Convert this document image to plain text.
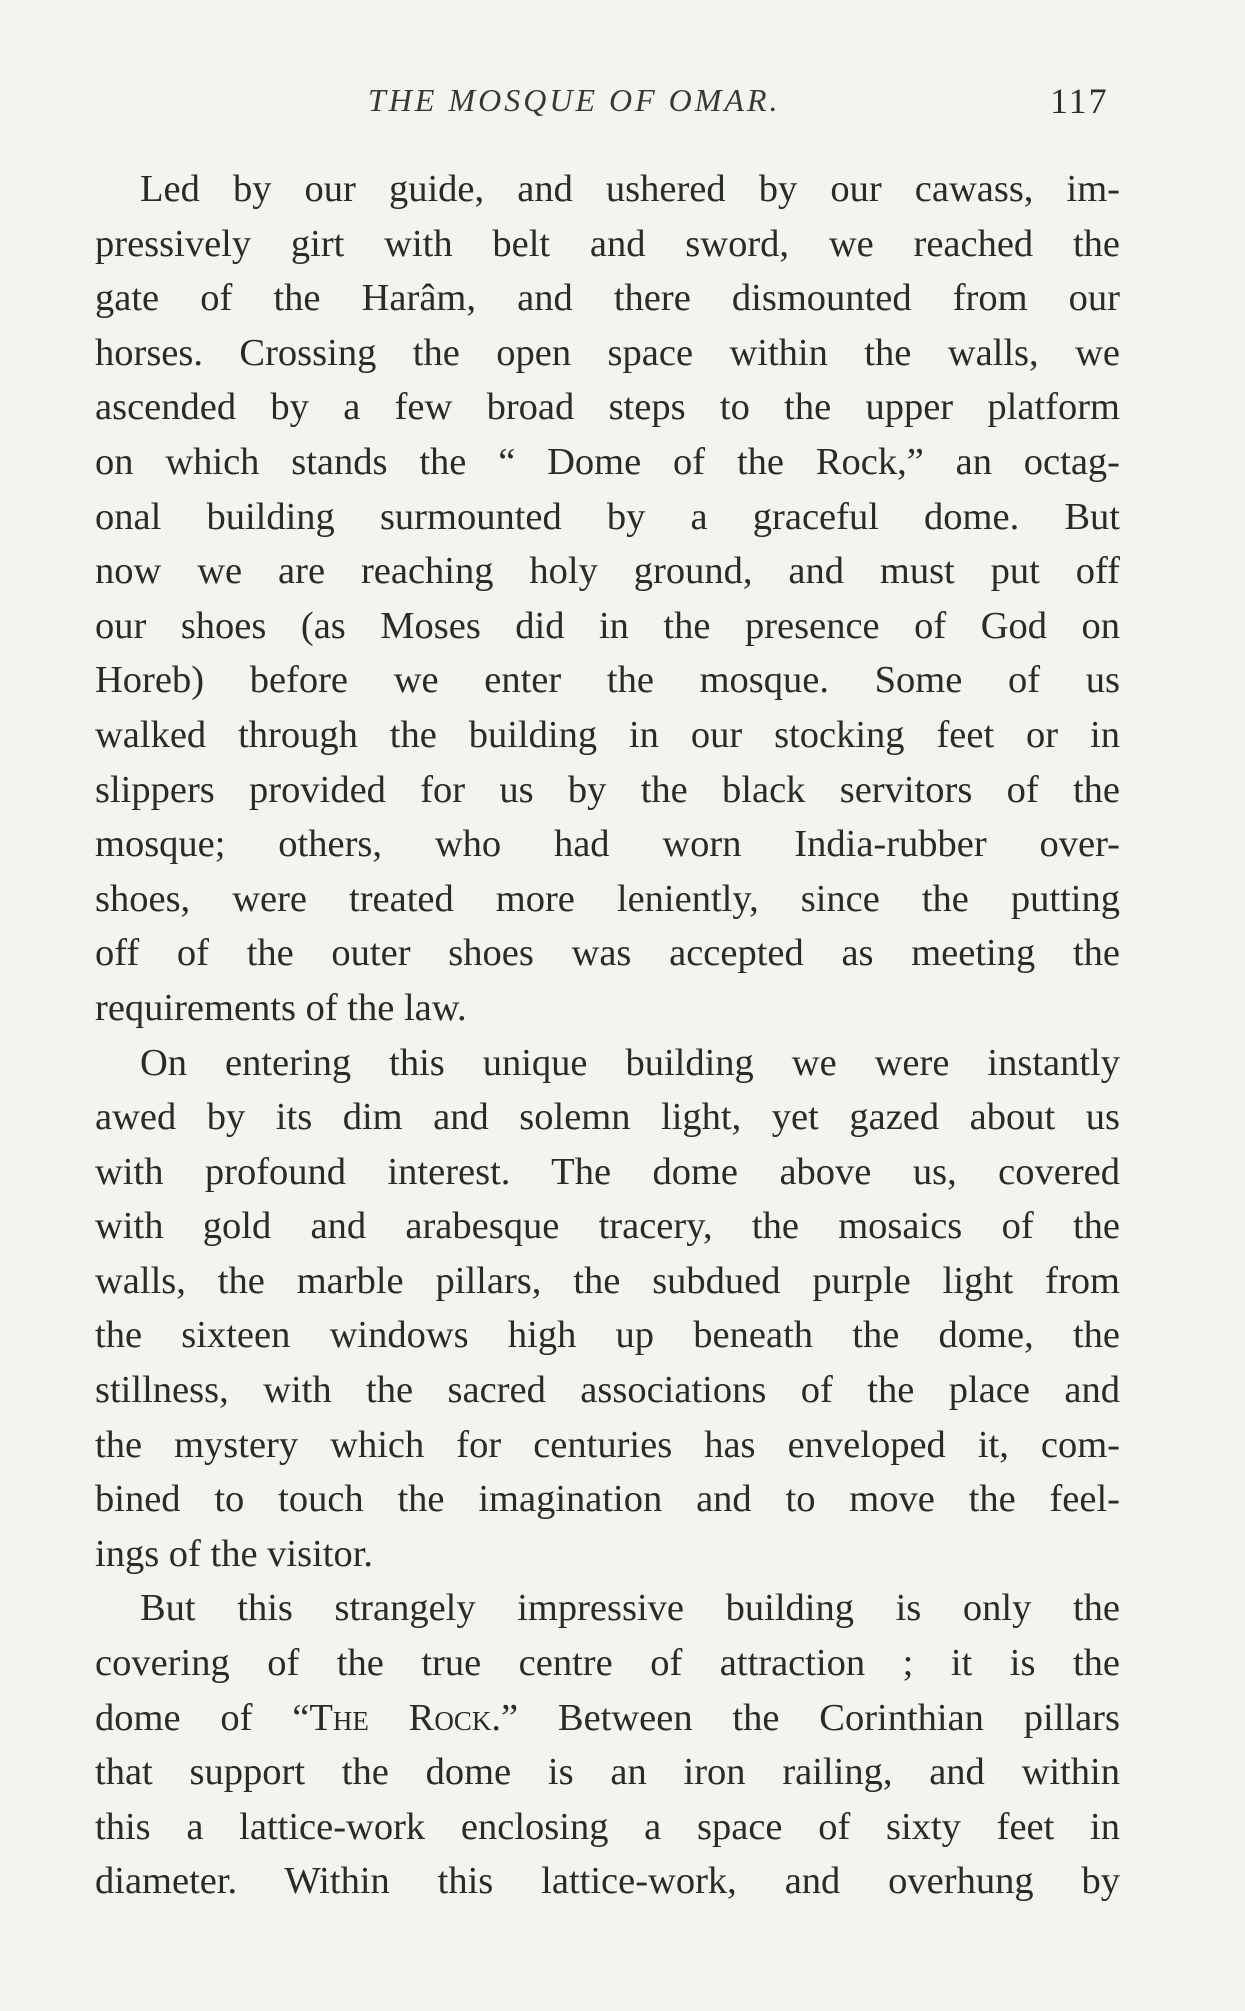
THE MOSQUE OF OMAR.	117
Led by our guide, and ushered by our cawass, im-
pressively girt with belt and sword, we reached the
gate of the Harâm, and there dismounted from our
horses. Crossing the open space within the walls, we
ascended by a few broad steps to the upper platform
on which stands the “ Dome of the Rock,” an octag-
onal building surmounted by a graceful dome. But
now we are reaching holy ground, and must put off
our shoes (as Moses did in the presence of God on
Horeb) before we enter the mosque. Some of us
walked through the building in our stocking feet or in
slippers provided for us by the black servitors of the
mosque; others, who had worn India-rubber over-
shoes, were treated more leniently, since the putting
off of the outer shoes was accepted as meeting the
requirements of the law.
On entering this unique building we were instantly
awed by its dim and solemn light, yet gazed about us
with profound interest. The dome above us, covered
with gold and arabesque tracery, the mosaics of the
walls, the marble pillars, the subdued purple light from
the sixteen windows high up beneath the dome, the
stillness, with the sacred associations of the place and
the mystery which for centuries has enveloped it, com-
bined to touch the imagination and to move the feel-
ings of the visitor.
But this strangely impressive building is only the
covering of the true centre of attraction ; it is the
dome of “The Rock.” Between the Corinthian pillars
that support the dome is an iron railing, and within
this a lattice-work enclosing a space of sixty feet in
diameter. Within this lattice-work, and overhung by
